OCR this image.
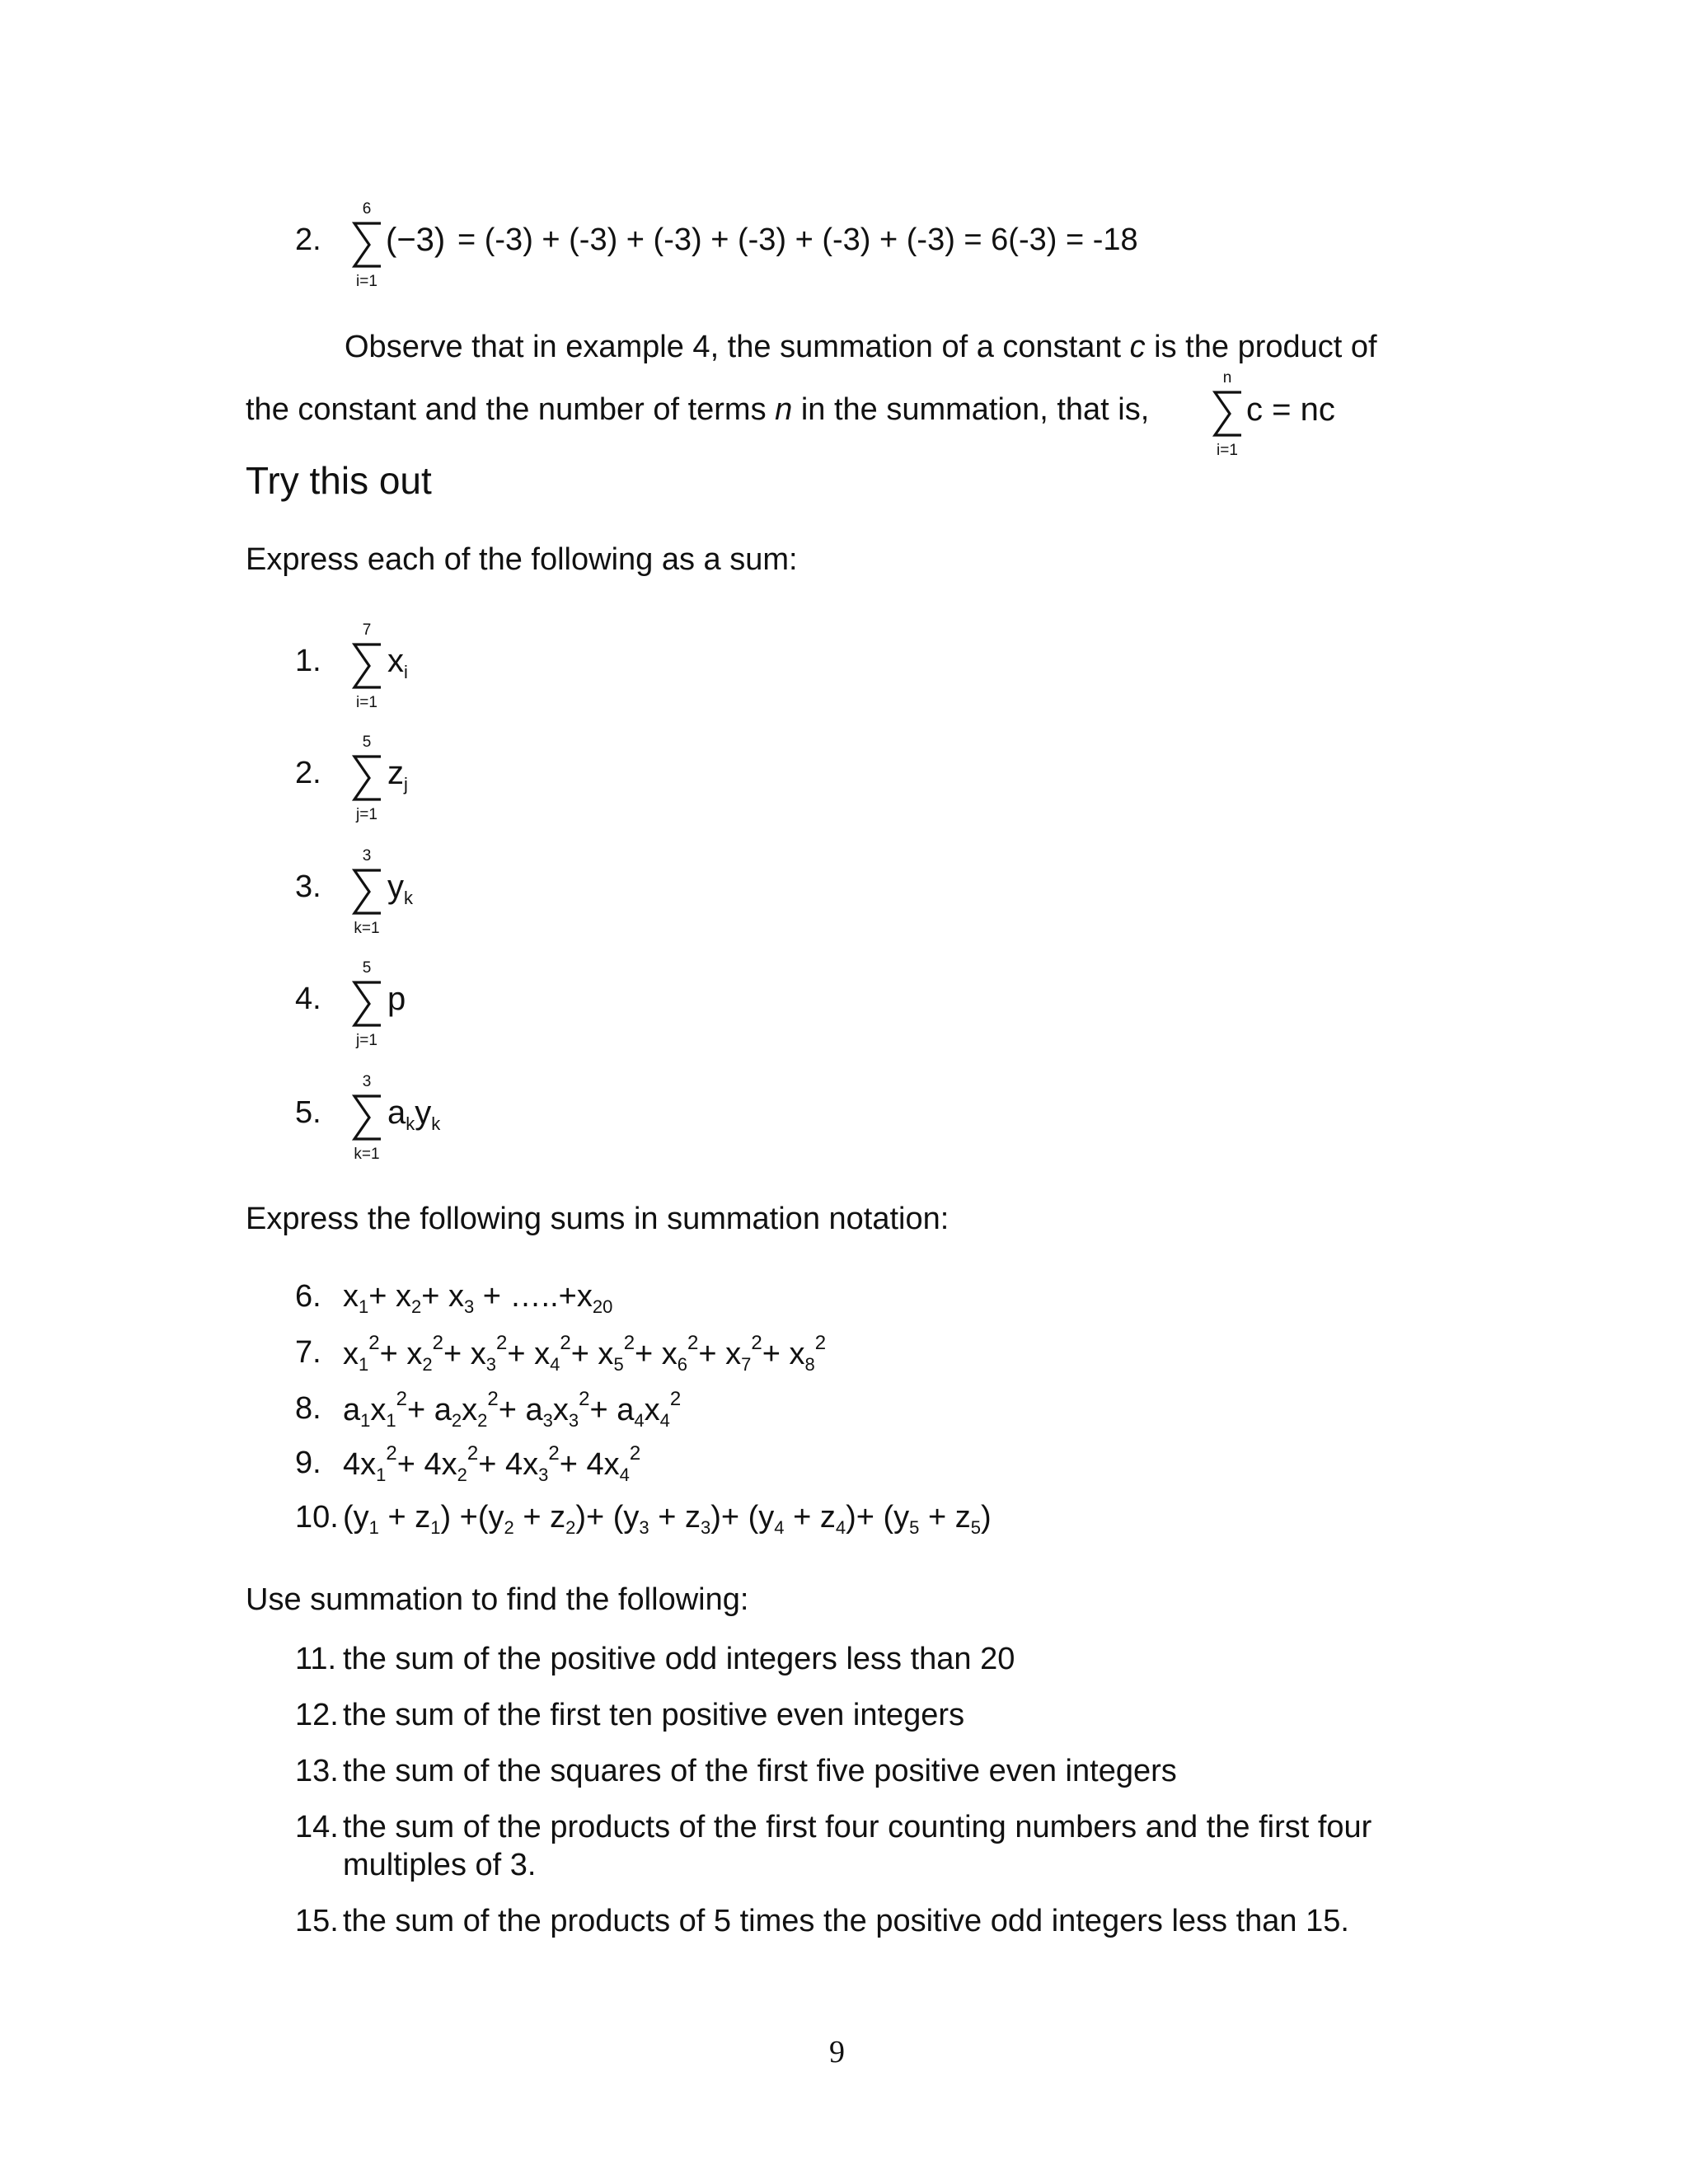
2.
6
i=1
(−3) = (-3) + (-3) + (-3) + (-3) + (-3) + (-3) = 6(-3) = -18
Observe that in example 4, the summation of a constant c is the product of
the constant and the number of terms n in the summation, that is,
n
i=1
c = nc
Try this out
Express each of the following as a sum:
Express the following sums in summation notation:
Use summation to find the following:
9
1.
7
i=1
$x_i$
2.
5
j=1
$z_j$
3.
3
k=1
$y_k$
4.
5
j=1
p
5.
3
k=1
$a_ky_k$
6. $x_1+ x_2+ x_3$ + $\dots..+x_{20}$
7. $x_1^2+ x_2^2+ x_3^2+ x_4^2+ x_5^2+ x_6^2+ x_7^2+ x_8^2$
8. $a_1x_1^2+ a_2x_2^2+ a_3x_3^2+ a_4x_4^2$
9. $4x_1^2+ 4x_2^2+ 4x_3^2+ 4x_4^2$
10. $(y_1 + z_1) +(y_2 + z_2)+ (y_3 + z_3)+ (y_4 + z_4)+ (y_5 + z_5)$
11. the sum of the positive odd integers less than 20
12. the sum of the first ten positive even integers
13. the sum of the squares of the first five positive even integers
14. the sum of the products of the first four counting numbers and the first four
multiples of 3.
15. the sum of the products of 5 times the positive odd integers less than 15.
